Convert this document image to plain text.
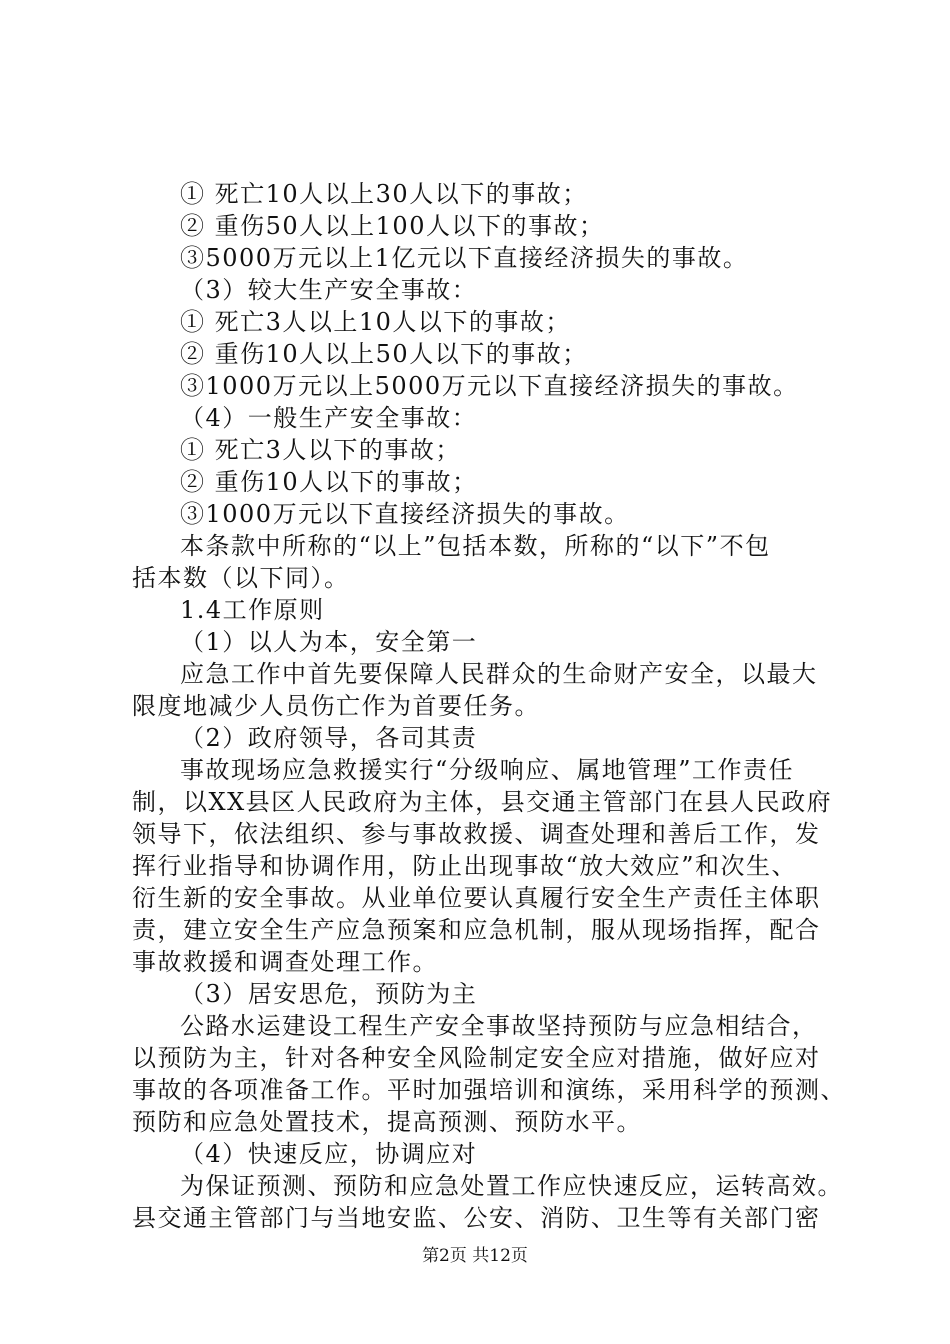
① 死亡10人以上30人以下的事故；
② 重伤50人以上100人以下的事故；
③5000万元以上1亿元以下直接经济损失的事故。
（3）较大生产安全事故：
① 死亡3人以上10人以下的事故；
② 重伤10人以上50人以下的事故；
③1000万元以上5000万元以下直接经济损失的事故。
（4）一般生产安全事故：
① 死亡3人以下的事故；
② 重伤10人以下的事故；
③1000万元以下直接经济损失的事故。
本条款中所称的“以上”包括本数，所称的“以下”不包
括本数（以下同）。
1.4工作原则
（1）以人为本，安全第一
应急工作中首先要保障人民群众的生命财产安全，以最大
限度地减少人员伤亡作为首要任务。
（2）政府领导，各司其责
事故现场应急救援实行“分级响应、属地管理”工作责任
制，以XX县区人民政府为主体，县交通主管部门在县人民政府
领导下，依法组织、参与事故救援、调查处理和善后工作，发
挥行业指导和协调作用，防止出现事故“放大效应”和次生、
衍生新的安全事故。从业单位要认真履行安全生产责任主体职
责，建立安全生产应急预案和应急机制，服从现场指挥，配合
事故救援和调查处理工作。
（3）居安思危，预防为主
公路水运建设工程生产安全事故坚持预防与应急相结合，
以预防为主，针对各种安全风险制定安全应对措施，做好应对
事故的各项准备工作。平时加强培训和演练，采用科学的预测、
预防和应急处置技术，提高预测、预防水平。
（4）快速反应，协调应对
为保证预测、预防和应急处置工作应快速反应，运转高效。
县交通主管部门与当地安监、公安、消防、卫生等有关部门密
第2页 共12页
